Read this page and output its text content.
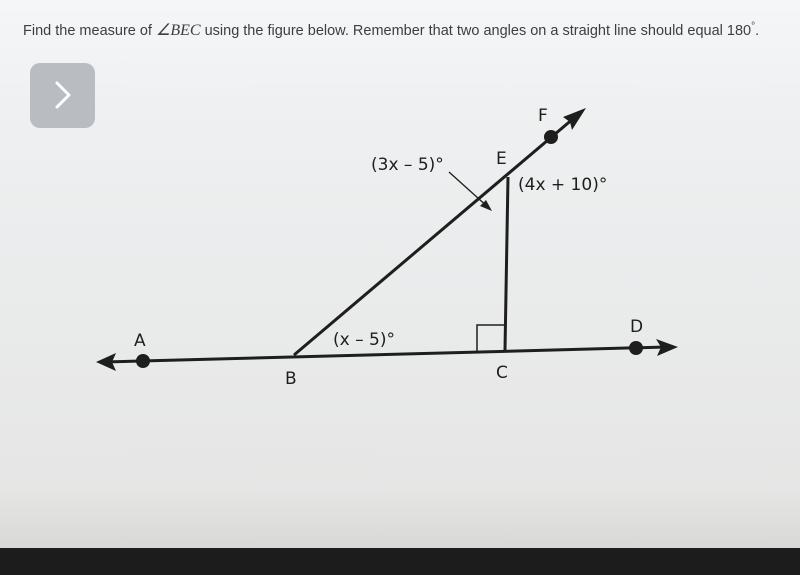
Find the measure of ∠BEC using the figure below. Remember that two angles on a straight line should equal 180°.
A
B	C
D
E
F
(3x – 5)°
(4x + 10)°
(x – 5)°
